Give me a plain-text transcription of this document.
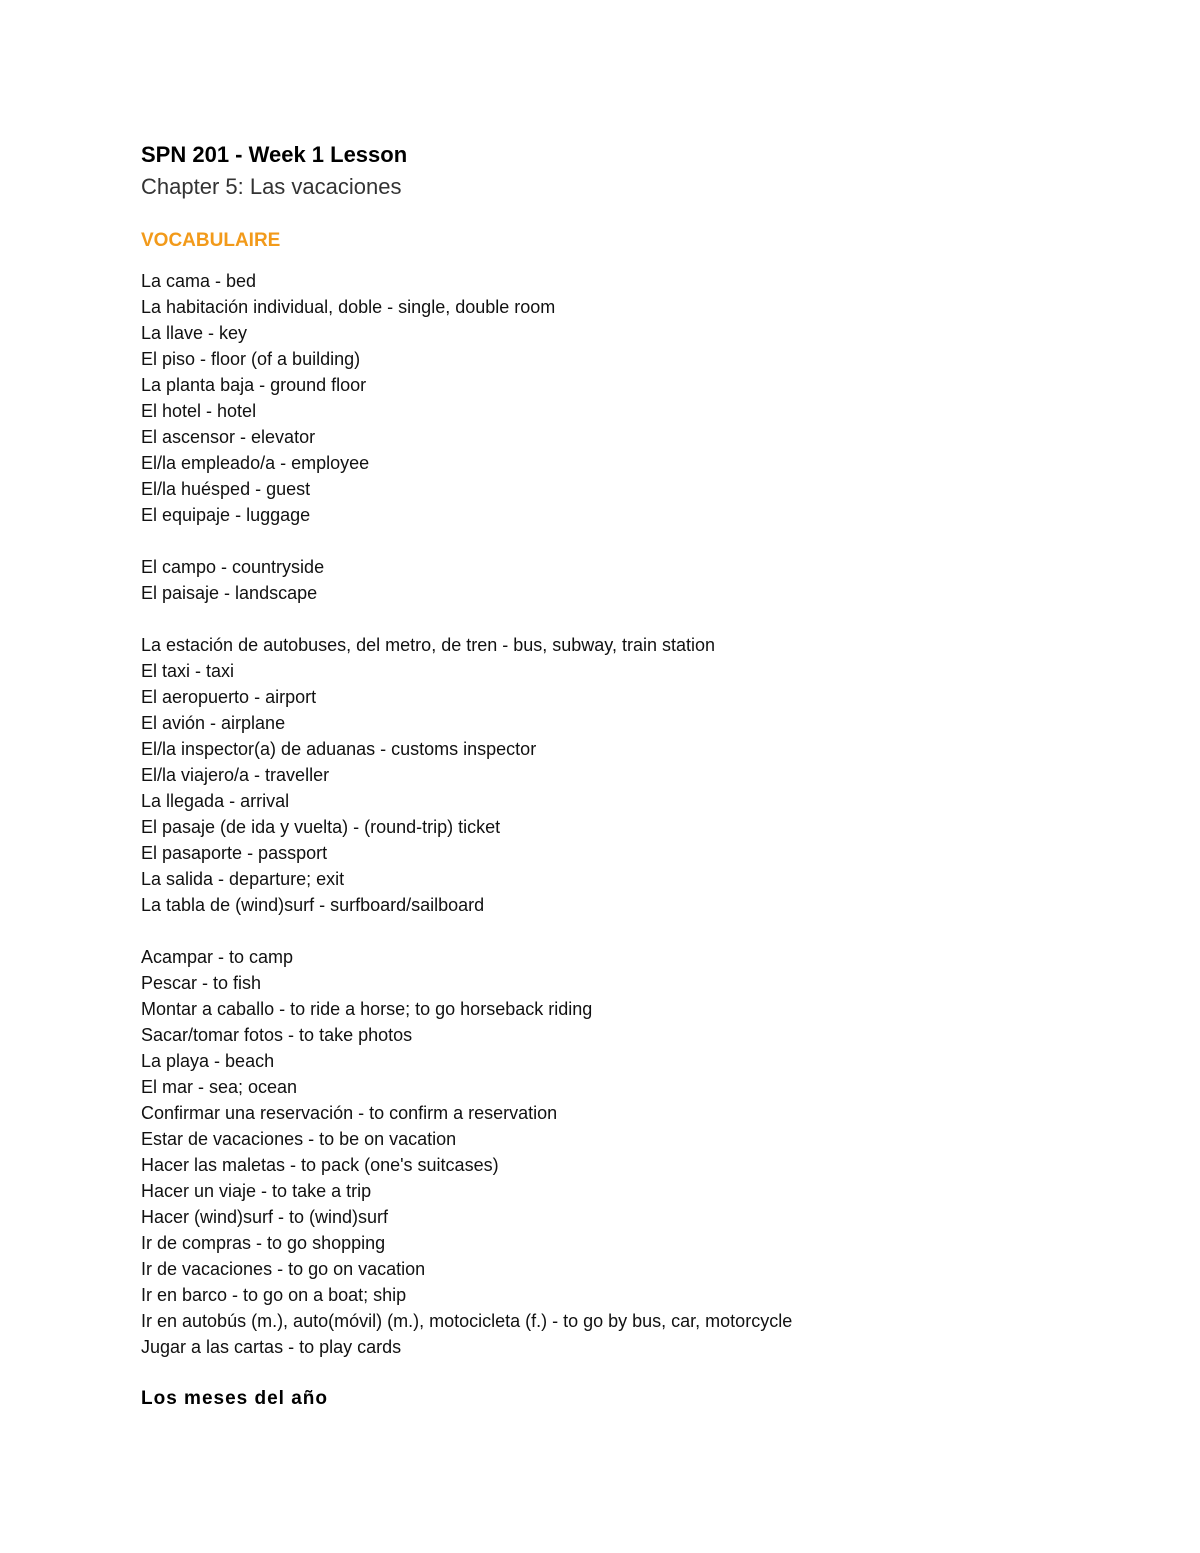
SPN 201 - Week 1 Lesson
Chapter 5: Las vacaciones
VOCABULAIRE
La cama - bed
La habitación individual, doble - single, double room
La llave - key
El piso - floor (of a building)
La planta baja - ground floor
El hotel - hotel
El ascensor - elevator
El/la empleado/a - employee
El/la huésped - guest
El equipaje - luggage
El campo - countryside
El paisaje - landscape
La estación de autobuses, del metro, de tren - bus, subway, train station
El taxi - taxi
El aeropuerto - airport
El avión - airplane
El/la inspector(a) de aduanas - customs inspector
El/la viajero/a - traveller
La llegada - arrival
El pasaje (de ida y vuelta) - (round-trip) ticket
El pasaporte - passport
La salida - departure; exit
La tabla de (wind)surf - surfboard/sailboard
Acampar - to camp
Pescar - to fish
Montar a caballo - to ride a horse; to go horseback riding
Sacar/tomar fotos - to take photos
La playa - beach
El mar - sea; ocean
Confirmar una reservación - to confirm a reservation
Estar de vacaciones - to be on vacation
Hacer las maletas - to pack (one's suitcases)
Hacer un viaje - to take a trip
Hacer (wind)surf - to (wind)surf
Ir de compras - to go shopping
Ir de vacaciones - to go on vacation
Ir en barco - to go on a boat; ship
Ir en autobús (m.), auto(móvil) (m.), motocicleta (f.) - to go by bus, car, motorcycle
Jugar a las cartas - to play cards
Los meses del año
